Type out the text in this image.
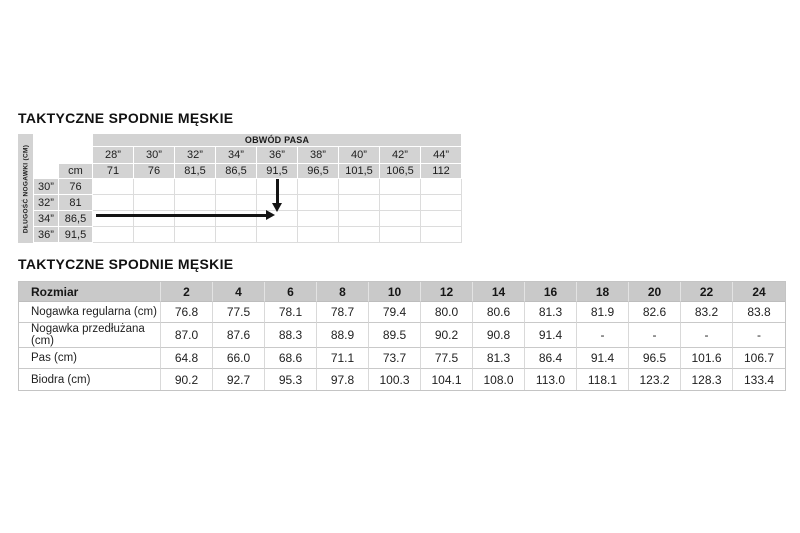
TAKTYCZNE SPODNIE MĘSKIE
DŁUGOŚĆ NOGAWKI (CM)			OBWÓD PASA								
			28”	30”	32”	34”	36”	38”	40”	42”	44”
		cm	71	76	81,5	86,5	91,5	96,5	101,5	106,5	112
	30”	76									
	32”	81									
	34”	86,5									
	36”	91,5									
TAKTYCZNE SPODNIE MĘSKIE
Rozmiar	2	4	6	8	10	12	14	16	18	20	22	24
Nogawka regularna (cm)	76.8	77.5	78.1	78.7	79.4	80.0	80.6	81.3	81.9	82.6	83.2	83.8
Nogawka przedłużana (cm)	87.0	87.6	88.3	88.9	89.5	90.2	90.8	91.4	-	-	-	-
Pas (cm)	64.8	66.0	68.6	71.1	73.7	77.5	81.3	86.4	91.4	96.5	101.6	106.7
Biodra (cm)	90.2	92.7	95.3	97.8	100.3	104.1	108.0	113.0	118.1	123.2	128.3	133.4
